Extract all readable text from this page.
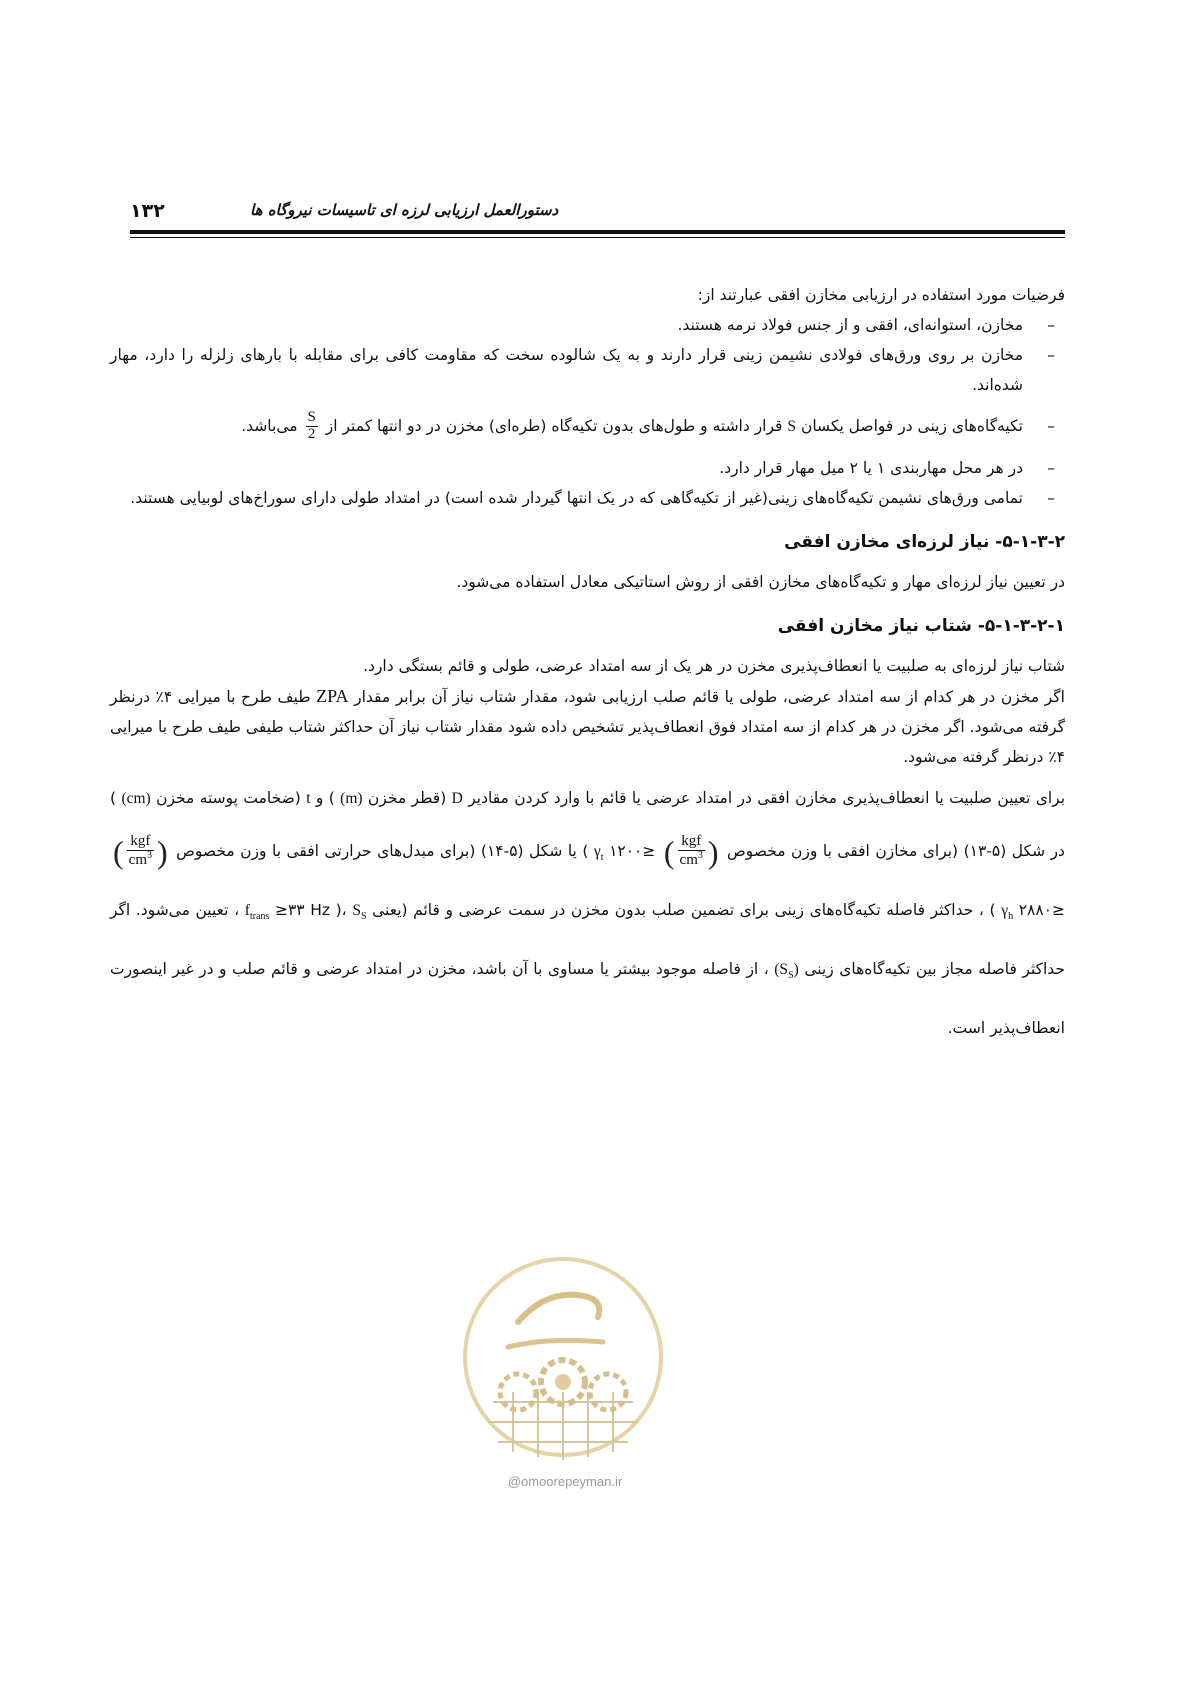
۱۳۲	دستورالعمل ارزیابی لرزه ای تاسیسات نیروگاه ها

فرضیات مورد استفاده در ارزیابی مخازن افقی عبارتند از:

–
مخازن، استوانه‌ای، افقی و از جنس فولاد نرمه هستند.
–
مخازن بر روی ورق‌های فولادی نشیمن زینی قرار دارند و به یک شالوده سخت که مقاومت کافی برای مقابله با بارهای زلزله را دارد، مهار شده‌اند.
–
تکیه‌گاه‌های زینی در فواصل یکسان S قرار داشته و طول‌های بدون تکیه‌گاه (طره‌ای) مخزن در دو انتها کمتر از
$\frac{S}{2}$
می‌باشد.
–
در هر محل مهاربندی ۱ یا ۲ میل مهار قرار دارد.
–
تمامی ورق‌های نشیمن تکیه‌گاه‌های زینی(غیر از تکیه‌گاهی که در یک انتها گیردار شده است) در امتداد طولی دارای سوراخ‌های لوبیایی هستند.

۵-۱-۳-۲- نیاز لرزه‌ای مخازن افقی

در تعیین نیاز لرزه‌ای مهار و تکیه‌گاه‌های مخازن افقی از روش استاتیکی معادل استفاده می‌شود.

۵-۱-۳-۲-۱- شتاب نیاز مخازن افقی

شتاب نیاز لرزه‌ای به صلبیت یا انعطاف‌پذیری مخزن در هر یک از سه امتداد عرضی، طولی و قائم بستگی دارد.

اگر مخزن در هر کدام از سه امتداد عرضی، طولی یا قائم صلب ارزیابی شود، مقدار شتاب نیاز آن برابر مقدار ZPA طیف طرح با میرایی ۴٪ درنظر گرفته می‌شود. اگر مخزن در هر کدام از سه امتداد فوق انعطاف‌پذیر تشخیص داده شود مقدار شتاب نیاز آن حداکثر شتاب طیفی طیف طرح با میرایی ۴٪ درنظر گرفته می‌شود.

برای تعیین صلبیت یا انعطاف‌پذیری مخازن افقی در امتداد عرضی یا قائم با وارد کردن مقادیر D (قطر مخزن (m) ) و t (ضخامت پوسته مخزن (cm) ) در شکل (۵-۱۳) (برای مخازن افقی با وزن مخصوص
( $\frac{\text{kgf}}{cm^3}$ )
≤۱۲۰۰ $\gamma_t$ ) یا شکل (۵-۱۴) (برای مبدل‌های حرارتی افقی با وزن مخصوص
( $\frac{\text{kgf}}{cm^3}$ )
≤۲۸۸۰ $\gamma_h$ ) ، حداکثر فاصله تکیه‌گاه‌های زینی برای تضمین صلب بدون مخزن در سمت عرضی و قائم (یعنی $f_{trans}$ ≥۳۳ Hz )، $S_S$ ، تعیین می‌شود. اگر حداکثر فاصله مجاز بین تکیه‌گاه‌های زینی $(S_S)$ ، از فاصله موجود بیشتر یا مساوی با آن باشد، مخزن در امتداد عرضی و قائم صلب و در غیر اینصورت انعطاف‌پذیر است.

@omoorepeyman.ir
